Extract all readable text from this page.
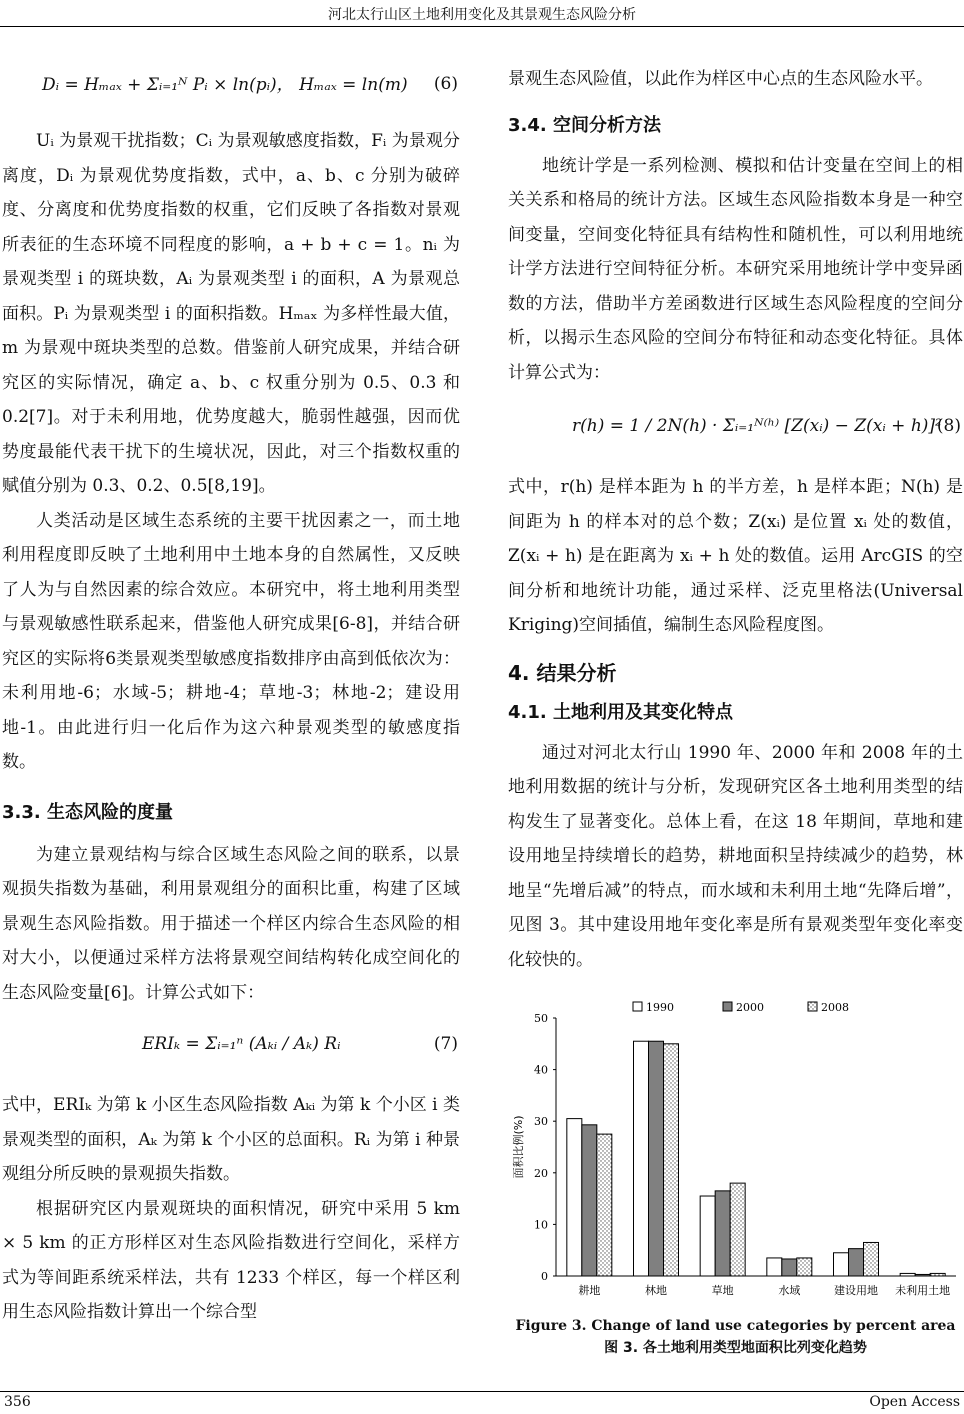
河北太行山区土地利用变化及其景观生态风险分析
Dᵢ = Hₘₐₓ + Σᵢ₌₁ᴺ Pᵢ × ln(pᵢ)， Hₘₐₓ = ln(m) (6)

Uᵢ 为景观干扰指数；Cᵢ 为景观敏感度指数，Fᵢ 为景观分离度，Dᵢ 为景观优势度指数，式中，a、b、c 分别为破碎度、分离度和优势度指数的权重，它们反映了各指数对景观所表征的生态环境不同程度的影响，a + b + c = 1。nᵢ 为景观类型 i 的斑块数，Aᵢ 为景观类型 i 的面积，A 为景观总面积。Pᵢ 为景观类型 i 的面积指数。Hₘₐₓ 为多样性最大值，m 为景观中斑块类型的总数。借鉴前人研究成果，并结合研究区的实际情况，确定 a、b、c 权重分别为 0.5、0.3 和 0.2[7]。对于未利用地，优势度越大，脆弱性越强，因而优势度最能代表干扰下的生境状况，因此，对三个指数权重的赋值分别为 0.3、0.2、0.5[8,19]。

人类活动是区域生态系统的主要干扰因素之一，而土地利用程度即反映了土地利用中土地本身的自然属性，又反映了人为与自然因素的综合效应。本研究中，将土地利用类型与景观敏感性联系起来，借鉴他人研究成果[6-8]，并结合研究区的实际将6类景观类型敏感度指数排序由高到低依次为：未利用地-6；水域-5；耕地-4；草地-3；林地-2；建设用地-1。由此进行归一化后作为这六种景观类型的敏感度指数。

3.3. 生态风险的度量

为建立景观结构与综合区域生态风险之间的联系，以景观损失指数为基础，利用景观组分的面积比重，构建了区域景观生态风险指数。用于描述一个样区内综合生态风险的相对大小，以便通过采样方法将景观空间结构转化成空间化的生态风险变量[6]。计算公式如下：

ERIₖ = Σᵢ₌₁ⁿ (Aₖᵢ / Aₖ) Rᵢ	(7)

式中，ERIₖ 为第 k 小区生态风险指数 Aₖᵢ 为第 k 个小区 i 类景观类型的面积，Aₖ 为第 k 个小区的总面积。Rᵢ 为第 i 种景观组分所反映的景观损失指数。

根据研究区内景观斑块的面积情况，研究中采用 5 km × 5 km 的正方形样区对生态风险指数进行空间化，采样方式为等间距系统采样法，共有 1233 个样区，每一个样区利用生态风险指数计算出一个综合型

景观生态风险值，以此作为样区中心点的生态风险水平。

3.4. 空间分析方法

地统计学是一系列检测、模拟和估计变量在空间上的相关关系和格局的统计方法。区域生态风险指数本身是一种空间变量，空间变化特征具有结构性和随机性，可以利用地统计学方法进行空间特征分析。本研究采用地统计学中变异函数的方法，借助半方差函数进行区域生态风险程度的空间分析，以揭示生态风险的空间分布特征和动态变化特征。具体计算公式为：

r(h) = 1 / 2N(h) · Σᵢ₌₁ᴺ⁽ʰ⁾ [Z(xᵢ) − Z(xᵢ + h)]²
(8)

式中，r(h) 是样本距为 h 的半方差，h 是样本距；N(h) 是间距为 h 的样本对的总个数；Z(xᵢ) 是位置 xᵢ 处的数值，Z(xᵢ + h) 是在距离为 xᵢ + h 处的数值。运用 ArcGIS 的空间分析和地统计功能，通过采样、泛克里格法(Universal Kriging)空间插值，编制生态风险程度图。

4. 结果分析
4.1. 土地利用及其变化特点

通过对河北太行山 1990 年、2000 年和 2008 年的土地利用数据的统计与分析，发现研究区各土地利用类型的结构发生了显著变化。总体上看，在这 18 年期间，草地和建设用地呈持续增长的趋势，耕地面积呈持续减少的趋势，林地呈“先增后减”的特点，而水域和未利用土地“先降后增”，见图 3。其中建设用地年变化率是所有景观类型年变化率变化较快的。

0
10
20
30
40
50
面积比例(%)
耕地	林地	草地	水域	建设用地 未利用土地
1990	2000	2008
Figure 3. Change of land use categories by percent area
图 3. 各土地利用类型地面积比列变化趋势
356	Open Access
